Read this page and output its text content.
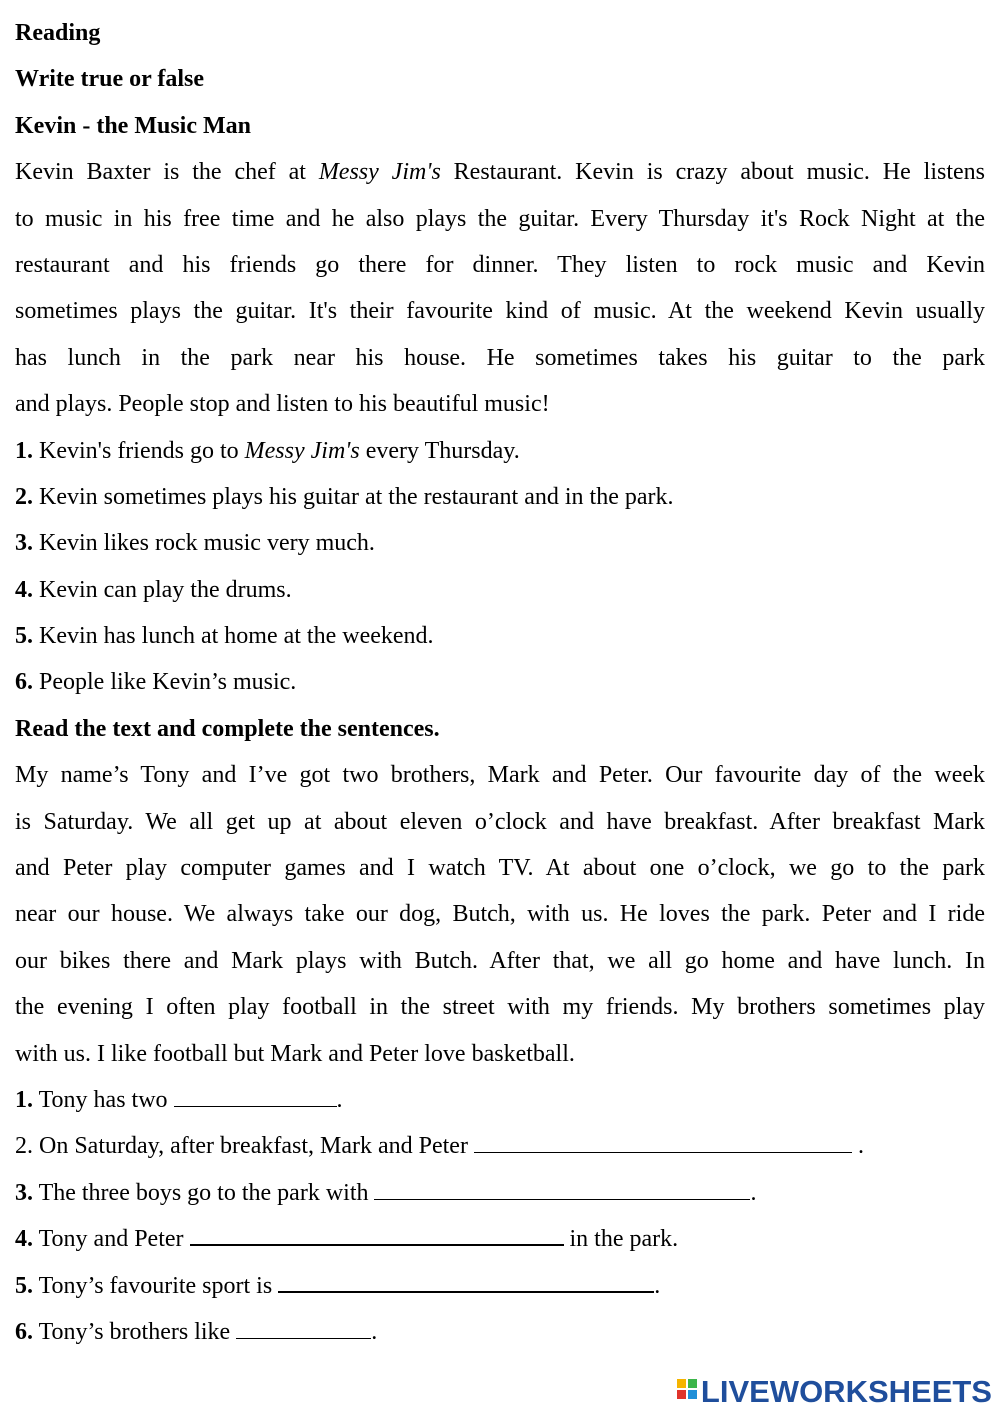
Reading
Write true or false
Kevin - the Music Man
Kevin Baxter is the chef at Messy Jim's Restaurant. Kevin is crazy about music. He listens
to music in his free time and he also plays the guitar. Every Thursday it's Rock Night at the
restaurant and his friends go there for dinner. They listen to rock music and Kevin
sometimes plays the guitar. It's their favourite kind of music. At the weekend Kevin usually
has lunch in the park near his house. He sometimes takes his guitar to the park
and plays. People stop and listen to his beautiful music!
1. Kevin's friends go to Messy Jim's every Thursday.
2. Kevin sometimes plays his guitar at the restaurant and in the park.
3. Kevin likes rock music very much.
4. Kevin can play the drums.
5. Kevin has lunch at home at the weekend.
6. People like Kevin’s music.
Read the text and complete the sentences.
My name’s Tony and I’ve got two brothers, Mark and Peter. Our favourite day of the week
is Saturday. We all get up at about eleven o’clock and have breakfast. After breakfast Mark
and Peter play computer games and I watch TV. At about one o’clock, we go to the park
near our house. We always take our dog, Butch, with us. He loves the park. Peter and I ride
our bikes there and Mark plays with Butch. After that, we all go home and have lunch. In
the evening I often play football in the street with my friends. My brothers sometimes play
with us. I like football but Mark and Peter love basketball.
1. Tony has two	.
2. On Saturday, after breakfast, Mark and Peter	.
3. The three boys go to the park with	.
4. Tony and Peter	in the park.
5. Tony’s favourite sport is	.
6. Tony’s brothers like	.
LIVEWORKSHEETS
